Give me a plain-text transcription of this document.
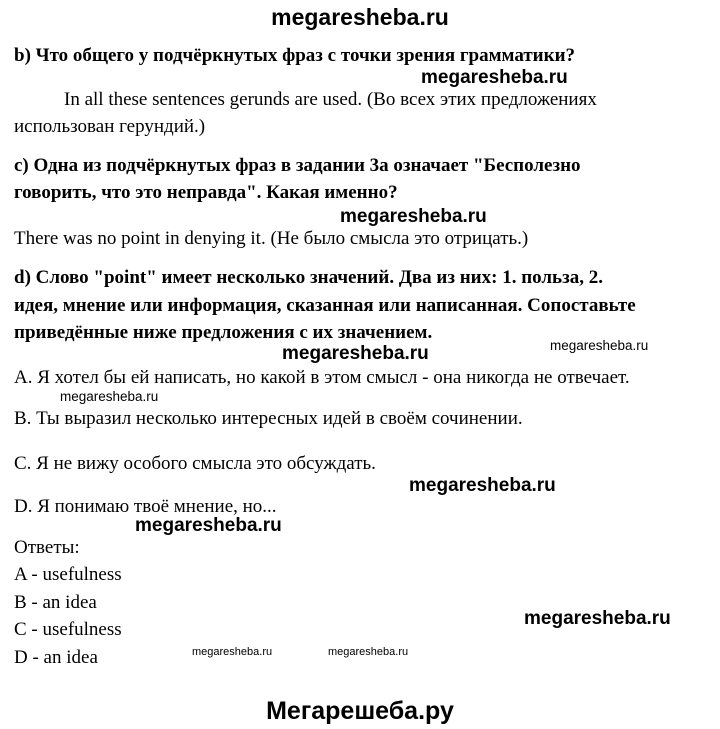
megaresheba.ru
b) Что общего у подчёркнутых фраз с точки зрения грамматики?
megaresheba.ru
In all these sentences gerunds are used. (Во всех этих предложениях
использован герундий.)
c) Одна из подчёркнутых фраз в задании 3a означает "Бесполезно
говорить, что это неправда". Какая именно?
megaresheba.ru
There was no point in denying it. (Не было смысла это отрицать.)
d) Слово "point" имеет несколько значений. Два из них: 1. польза, 2.
идея, мнение или информация, сказанная или написанная. Сопоставьте
приведённые ниже предложения с их значением.
megaresheba.ru
megaresheba.ru
A. Я хотел бы ей написать, но какой в этом смысл - она никогда не отвечает.
megaresheba.ru
B. Ты выразил несколько интересных идей в своём сочинении.
C. Я не вижу особого смысла это обсуждать.
megaresheba.ru
D. Я понимаю твоё мнение, но...
megaresheba.ru
Ответы:
A - usefulness
B - an idea
megaresheba.ru
C - usefulness
D - an idea	megaresheba.ru	megaresheba.ru
Мегарешеба.ру
